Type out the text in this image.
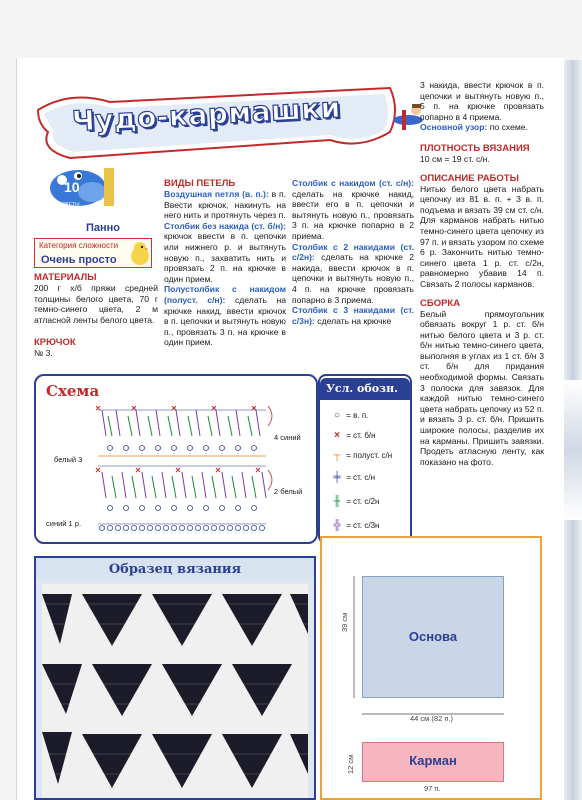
Чудо-кармашки
10
СОВЕТЫ
Панно
Категория сложности
Очень просто
МАТЕРИАЛЫ
200 г х/б пряжи средней толщины белого цвета, 70 г темно-синего цвета, 2 м атласной ленты белого цвета.
КРЮЧОК
№ 3.
ВИДЫ ПЕТЕЛЬ
Воздушная петля (в. п.): в п. Ввести крючок, накинуть на него нить и протянуть через п.
Столбик без накида (ст. б/н): крючок ввести в п. цепочки или нижнего р. и вытянуть новую п., захватить нить и провязать 2 п. на крючке в один прием.
Полустолбик с накидом (полуст. с/н): сделать на крючке накид, ввести крючок в п. цепочки и вытянуть новую п., провязать 3 п. на крючке в один прием.
Столбик с накидом (ст. с/н): сделать на крючке накид, ввести его в п. цепочки и вытянуть новую п., провязать 3 п. на крючке попарно в 2 приема.
Столбик с 2 накидами (ст. с/2н): сделать на крючке 2 накида, ввести крючок в п. цепочки и вытянуть новую п., 4 п. на крючке провязать попарно в 3 приема.
Столбик с 3 накидами (ст. с/3н): сделать на крючке
3 накида, ввести крючок в п. цепочки и вытянуть новую п., 5 п. на крючке провязать попарно в 4 приема.
Основной узор: по схеме.
ПЛОТНОСТЬ ВЯЗАНИЯ
10 см = 19 ст. с/н.
ОПИСАНИЕ РАБОТЫ
Нитью белого цвета набрать цепочку из 81 в. п. + 3 в. п. подъема и вязать 39 см ст. с/н. Для карманов набрать нитью темно-синего цвета цепочку из 97 п. и вязать узором по схеме 6 р. Закончить нитью темно-синего цвета 1 р. ст. с/2н, равномерно убавив 14 п. Связать 2 полосы карманов.
СБОРКА
Белый прямоугольник обвязать вокруг 1 р. ст. б/н нитью белого цвета и 3 р. ст. б/н нитью темно-синего цвета, выполняя в углах из 1 ст. б/н 3 ст. б/н для придания необходимой формы. Связать 3 полоски для завязок. Для каждой нитью темно-синего цвета набрать цепочку из 52 п. и вязать 3 р. ст. б/н. Пришить широкие полосы, разделив их на карманы. Пришить завязки. Продеть атласную ленту, как показано на фото.
Схема
4 синий
белый 3
2 белый
синий 1 р.
Усл. обозн.
○ = в. п.
× = ст. б/н
┬ = полуст. с/н
╪ = ст. с/н
╫ = ст. с/2н
╬ = ст. с/3н
Образец вязания
Основа
39 см
44 см (82 п.)
Карман
12 см
97 п.
